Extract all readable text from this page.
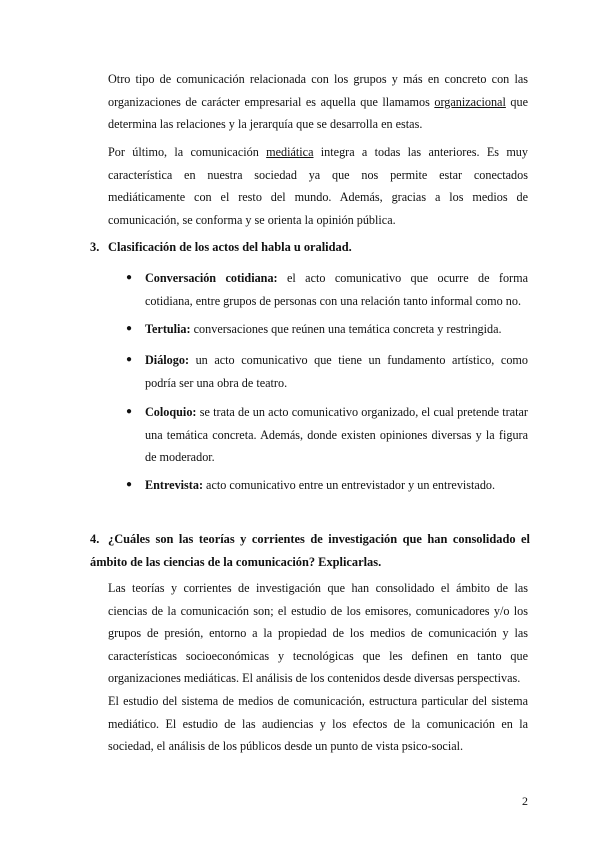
Otro tipo de comunicación relacionada con los grupos y más en concreto con las organizaciones de carácter empresarial es aquella que llamamos organizacional que determina las relaciones y la jerarquía que se desarrolla en estas.

Por último, la comunicación mediática integra a todas las anteriores. Es muy característica en nuestra sociedad ya que nos permite estar conectados mediáticamente con el resto del mundo. Además, gracias a los medios de comunicación, se conforma y se orienta la opinión pública.

3. Clasificación de los actos del habla u oralidad.

● Conversación cotidiana: el acto comunicativo que ocurre de forma cotidiana, entre grupos de personas con una relación tanto informal como no.

● Tertulia: conversaciones que reúnen una temática concreta y restringida.

● Diálogo: un acto comunicativo que tiene un fundamento artístico, como podría ser una obra de teatro.

● Coloquio: se trata de un acto comunicativo organizado, el cual pretende tratar una temática concreta. Además, donde existen opiniones diversas y la figura de moderador.

● Entrevista: acto comunicativo entre un entrevistador y un entrevistado.

4. ¿Cuáles son las teorías y corrientes de investigación que han consolidado el ámbito de las ciencias de la comunicación? Explicarlas.

Las teorías y corrientes de investigación que han consolidado el ámbito de las ciencias de la comunicación son; el estudio de los emisores, comunicadores y/o los grupos de presión, entorno a la propiedad de los medios de comunicación y las características socioeconómicas y tecnológicas que les definen en tanto que organizaciones mediáticas. El análisis de los contenidos desde diversas perspectivas.

El estudio del sistema de medios de comunicación, estructura particular del sistema mediático. El estudio de las audiencias y los efectos de la comunicación en la sociedad, el análisis de los públicos desde un punto de vista psico-social.

2
